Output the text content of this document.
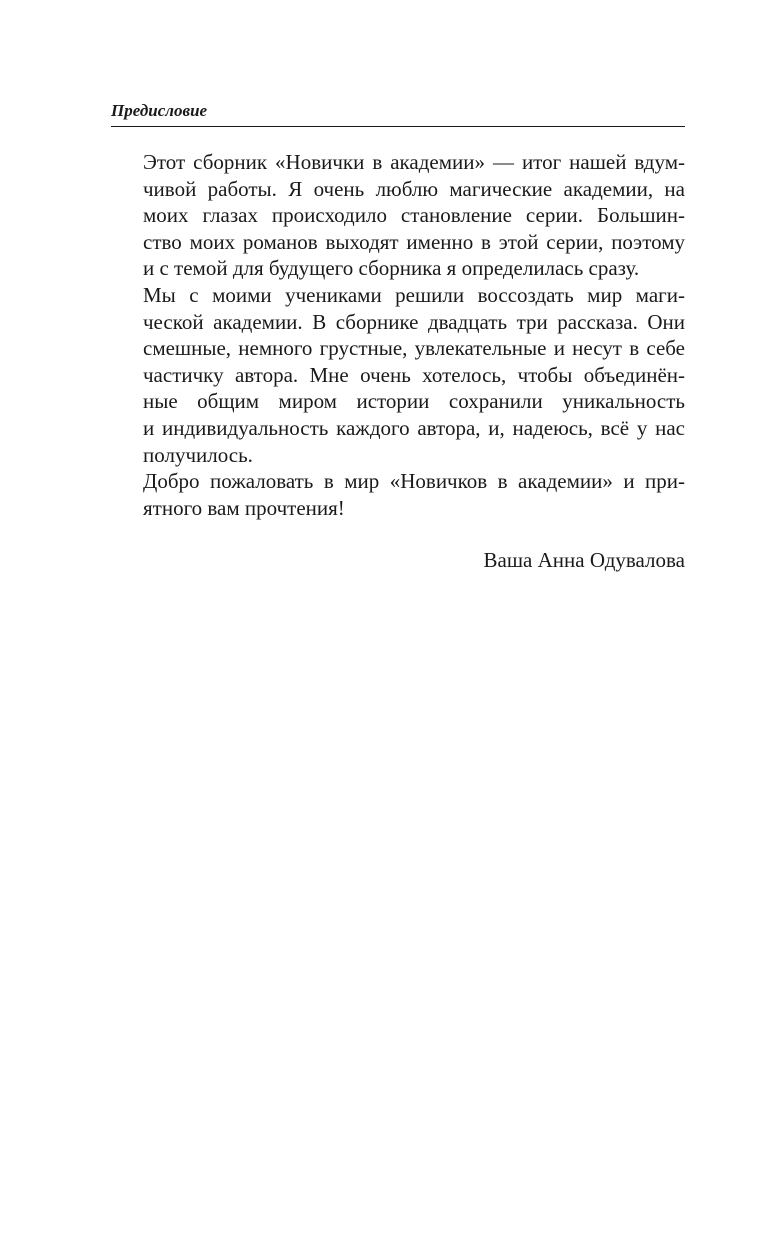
Предисловие

Этот сборник «Новички в академии» — итог нашей вдум-
чивой работы. Я очень люблю магические академии, на
моих глазах происходило становление серии. Большин-
ство моих романов выходят именно в этой серии, поэтому
и с темой для будущего сборника я определилась сразу.

Мы с моими учениками решили воссоздать мир маги-
ческой академии. В сборнике двадцать три рассказа. Они
смешные, немного грустные, увлекательные и несут в себе
частичку автора. Мне очень хотелось, чтобы объединён-
ные общим миром истории сохранили уникальность
и индивидуальность каждого автора, и, надеюсь, всё у нас
получилось.

Добро пожаловать в мир «Новичков в академии» и при-
ятного вам прочтения!

Ваша Анна Одувалова
